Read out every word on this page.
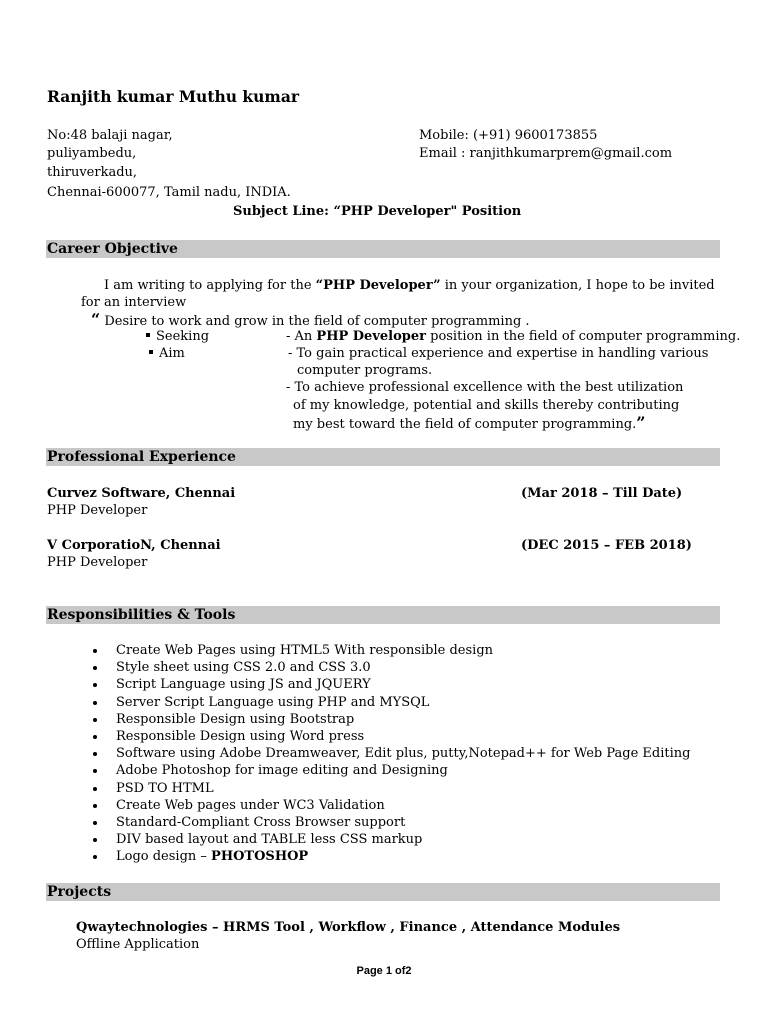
Ranjith kumar Muthu kumar
No:48 balaji nagar,
puliyambedu,
thiruverkadu,
Chennai-600077, Tamil nadu, INDIA.
Mobile: (+91) 9600173855
Email : ranjithkumarprem@gmail.com
Subject Line: “PHP Developer" Position
Career Objective
I am writing to applying for the “PHP Developer” in your organization, I hope to be invited
for an interview
“ Desire to work and grow in the field of computer programming .
Seeking	- An PHP Developer position in the field of computer programming.
Aim	- To gain practical experience and expertise in handling various
computer programs.
- To achieve professional excellence with the best utilization
of my knowledge, potential and skills thereby contributing
my best toward the field of computer programming.”
Professional Experience
Curvez Software, Chennai	(Mar 2018 – Till Date)
PHP Developer
V CorporatioN, Chennai	(DEC 2015 – FEB 2018)
PHP Developer
Responsibilities & Tools
Create Web Pages using HTML5 With responsible design
Style sheet using CSS 2.0 and CSS 3.0
Script Language using JS and JQUERY
Server Script Language using PHP and MYSQL
Responsible Design using Bootstrap
Responsible Design using Word press
Software using Adobe Dreamweaver, Edit plus, putty,Notepad++ for Web Page Editing
Adobe Photoshop for image editing and Designing
PSD TO HTML
Create Web pages under WC3 Validation
Standard-Compliant Cross Browser support
DIV based layout and TABLE less CSS markup
Logo design – PHOTOSHOP
Projects
Qwaytechnologies – HRMS Tool , Workflow , Finance , Attendance Modules
Offline Application
Page 1 of2
